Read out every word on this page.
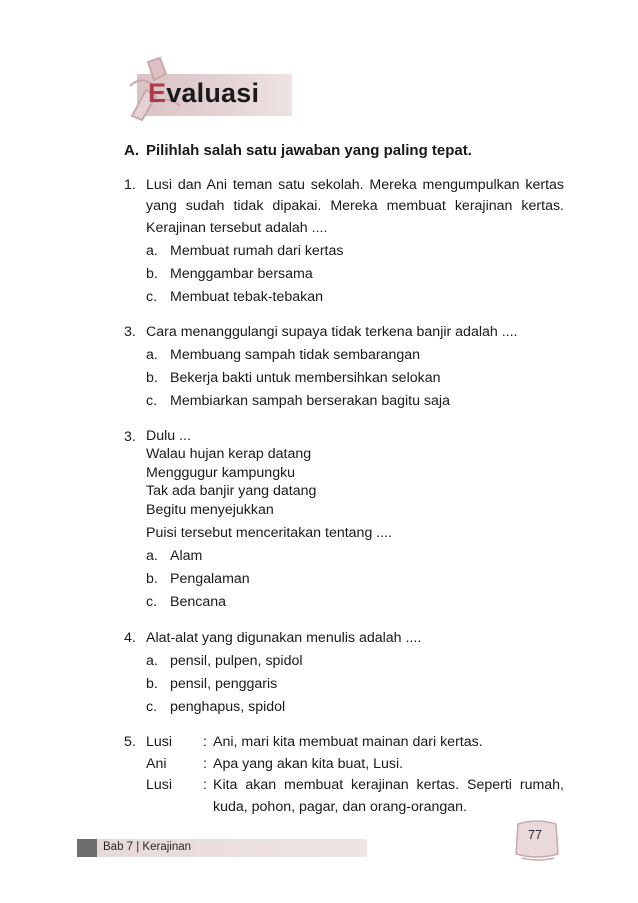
Evaluasi
A. Pilihlah salah satu jawaban yang paling tepat.
1. Lusi dan Ani teman satu sekolah. Mereka mengumpulkan kertas yang sudah tidak dipakai. Mereka membuat kerajinan kertas. Kerajinan tersebut adalah ....
a. Membuat rumah dari kertas
b. Menggambar bersama
c. Membuat tebak-tebakan
3. Cara menanggulangi supaya tidak terkena banjir adalah ....
a. Membuang sampah tidak sembarangan
b. Bekerja bakti untuk membersihkan selokan
c. Membiarkan sampah berserakan bagitu saja
3. Dulu ...
Walau hujan kerap datang
Menggugur kampungku
Tak ada banjir yang datang
Begitu menyejukkan
Puisi tersebut menceritakan tentang ....
a. Alam
b. Pengalaman
c. Bencana
4. Alat-alat yang digunakan menulis adalah ....
a. pensil, pulpen, spidol
b. pensil, penggaris
c. penghapus, spidol
5. Lusi	: Ani, mari kita membuat mainan dari kertas.
Ani	: Apa yang akan kita buat, Lusi.
Lusi	: Kita akan membuat kerajinan kertas. Seperti rumah, kuda, pohon, pagar, dan orang-orangan.
Bab 7 | Kerajinan
77
